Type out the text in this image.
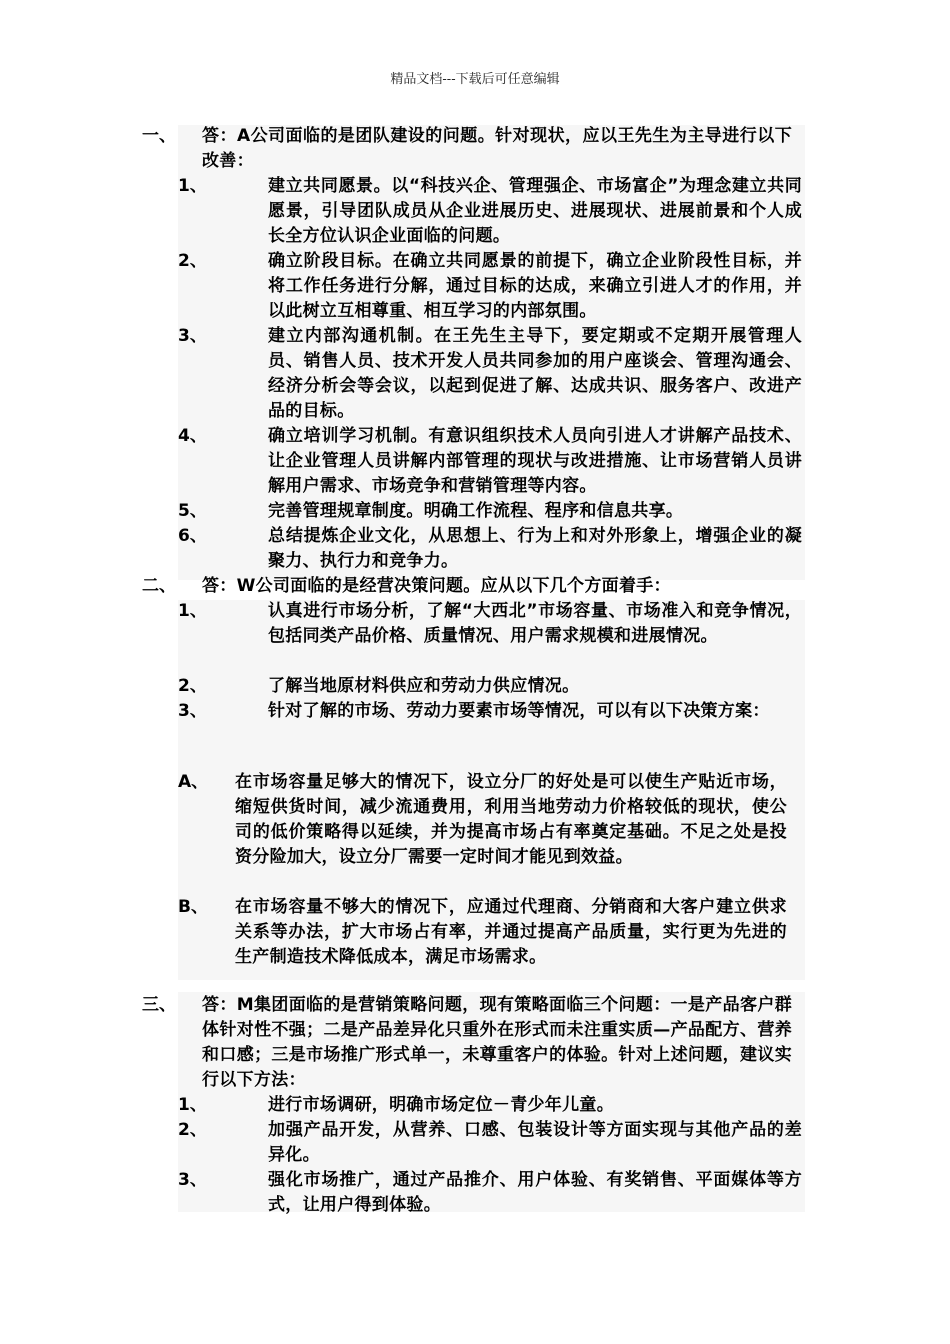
精品文档---下载后可任意编辑
一、 答：A公司面临的是团队建设的问题。针对现状，应以王先生为主导进行以下改善：
1、	建立共同愿景。以“科技兴企、管理强企、市场富企”为理念建立共同愿景，引导团队成员从企业进展历史、进展现状、进展前景和个人成长全方位认识企业面临的问题。
2、	确立阶段目标。在确立共同愿景的前提下，确立企业阶段性目标，并将工作任务进行分解，通过目标的达成，来确立引进人才的作用，并以此树立互相尊重、相互学习的内部氛围。
3、	建立内部沟通机制。在王先生主导下，要定期或不定期开展管理人员、销售人员、技术开发人员共同参加的用户座谈会、管理沟通会、经济分析会等会议，以起到促进了解、达成共识、服务客户、改进产品的目标。
4、	确立培训学习机制。有意识组织技术人员向引进人才讲解产品技术、让企业管理人员讲解内部管理的现状与改进措施、让市场营销人员讲解用户需求、市场竞争和营销管理等内容。
5、	完善管理规章制度。明确工作流程、程序和信息共享。
6、	总结提炼企业文化，从思想上、行为上和对外形象上，增强企业的凝聚力、执行力和竞争力。
二、 答：W公司面临的是经营决策问题。应从以下几个方面着手：
1、	认真进行市场分析，了解“大西北”市场容量、市场准入和竞争情况，包括同类产品价格、质量情况、用户需求规模和进展情况。
2、	了解当地原材料供应和劳动力供应情况。
3、	针对了解的市场、劳动力要素市场等情况，可以有以下决策方案：
A、 在市场容量足够大的情况下，设立分厂的好处是可以使生产贴近市场，缩短供货时间，减少流通费用，利用当地劳动力价格较低的现状，使公司的低价策略得以延续，并为提高市场占有率奠定基础。不足之处是投资分险加大，设立分厂需要一定时间才能见到效益。
B、 在市场容量不够大的情况下，应通过代理商、分销商和大客户建立供求关系等办法，扩大市场占有率，并通过提高产品质量，实行更为先进的生产制造技术降低成本，满足市场需求。
三、 答：M集团面临的是营销策略问题，现有策略面临三个问题：一是产品客户群体针对性不强；二是产品差异化只重外在形式而未注重实质—产品配方、营养和口感；三是市场推广形式单一，未尊重客户的体验。针对上述问题，建议实行以下方法：
1、	进行市场调研，明确市场定位－青少年儿童。
2、	加强产品开发，从营养、口感、包装设计等方面实现与其他产品的差异化。
3、	强化市场推广，通过产品推介、用户体验、有奖销售、平面媒体等方式，让用户得到体验。
